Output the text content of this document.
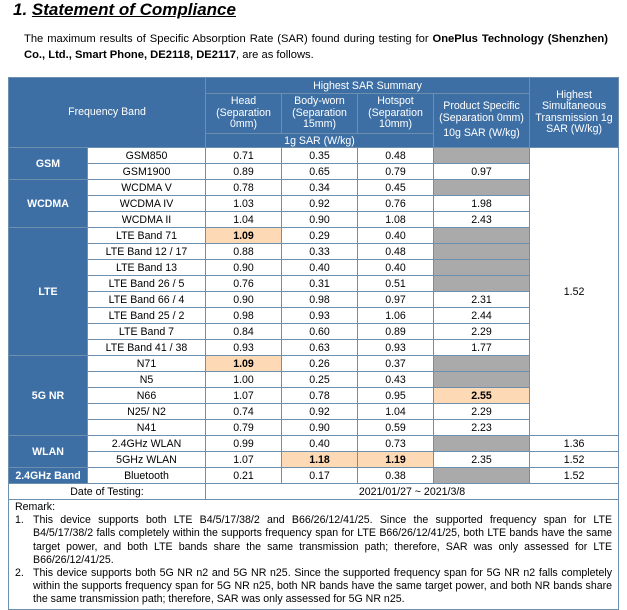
1. Statement of Compliance
The maximum results of Specific Absorption Rate (SAR) found during testing for OnePlus Technology (Shenzhen) Co., Ltd., Smart Phone, DE2118, DE2117, are as follows.
Frequency Band		Highest SAR Summary				Highest Simultaneous Transmission 1g SAR (W/kg)
		Head (Separation 0mm)	Body-worn (Separation 15mm)	Hotspot (Separation 10mm)	Product Specific (Separation 0mm)
10g SAR (W/kg)	

		1g SAR (W/kg)				
GSM	GSM850	0.71	0.35	0.48		1.52
	GSM1900	0.89	0.65	0.79	0.97	
WCDMA	WCDMA V	0.78	0.34	0.45		
	WCDMA IV	1.03	0.92	0.76	1.98	
	WCDMA II	1.04	0.90	1.08	2.43	
LTE	LTE Band 71	1.09	0.29	0.40		
	LTE Band 12 / 17	0.88	0.33	0.48		
	LTE Band 13	0.90	0.40	0.40		
	LTE Band 26 / 5	0.76	0.31	0.51		
	LTE Band 66 / 4	0.90	0.98	0.97	2.31	
	LTE Band 25 / 2	0.98	0.93	1.06	2.44	
	LTE Band 7	0.84	0.60	0.89	2.29	
	LTE Band 41 / 38	0.93	0.63	0.93	1.77	
5G NR	N71	1.09	0.26	0.37		
	N5	1.00	0.25	0.43		
	N66	1.07	0.78	0.95	2.55	
	N25/ N2	0.74	0.92	1.04	2.29	
	N41	0.79	0.90	0.59	2.23	
WLAN	2.4GHz WLAN	0.99	0.40	0.73		1.36
	5GHz WLAN	1.07	1.18	1.19	2.35	1.52
2.4GHz Band	Bluetooth	0.21	0.17	0.38		1.52
Date of Testing:		2021/01/27 ~ 2021/3/8				

Remark:
1. This device supports both LTE B4/5/17/38/2 and B66/26/12/41/25. Since the supported frequency span for LTE B4/5/17/38/2 falls completely within the supports frequency span for LTE B66/26/12/41/25, both LTE bands have the same target power, and both LTE bands share the same transmission path; therefore, SAR was only assessed for LTE B66/26/12/41/25.
2. This device supports both 5G NR n2 and 5G NR n25. Since the supported frequency span for 5G NR n2 falls completely within the supports frequency span for 5G NR n25, both NR bands have the same target power, and both NR bands share the same transmission path; therefore, SAR was only assessed for 5G NR n25.						
